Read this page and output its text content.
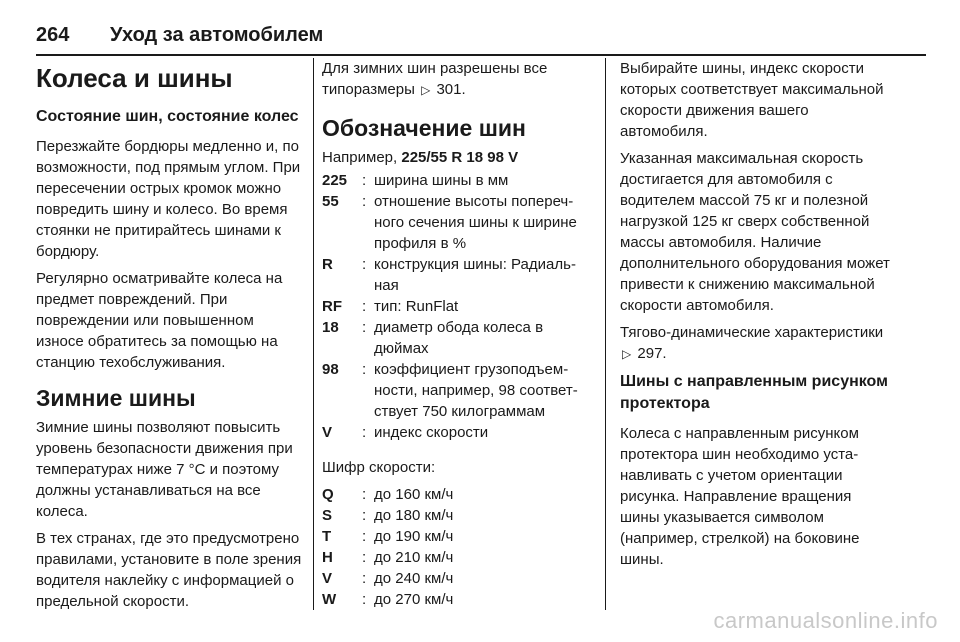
264	Уход за автомобилем
Колеса и шины
Состояние шин, состояние колес

Перезжайте бордюры медленно и, по возможности, под прямым углом. При пересечении острых кромок можно повредить шину и колесо. Во время стоянки не притирайтесь шинами к бордюру.

Регулярно осматривайте колеса на предмет повреждений. При повреждении или повышенном износе обратитесь за помощью на станцию техобслуживания.

Зимние шины

Зимние шины позволяют повысить уровень безопасности движения при температурах ниже 7 °C и поэтому должны устанавливаться на все колеса.

В тех странах, где это предусмотрено правилами, установите в поле зрения водителя наклейку с информацией о предельной скорости.

Для зимних шин разрешены все типоразмеры ▷ 301.

Обозначение шин

Например, 225/55 R 18 98 V

225 : ширина шины в мм
55	: отношение высоты поперечного сечения шины к ширине профиля в %
R	: конструкция шины: Радиальная
RF	: тип: RunFlat
18	: диаметр обода колеса в дюймах
98	: коэффициент грузоподъемности, например, 98 соответствует 750 килограммам
V	: индекс скорости

Шифр скорости:

Q	: до 160 км/ч
S	: до 180 км/ч
T	: до 190 км/ч
H	: до 210 км/ч
V	: до 240 км/ч
W	: до 270 км/ч

Выбирайте шины, индекс скорости которых соответствует максимальной скорости движения вашего автомобиля.

Указанная максимальная скорость достигается для автомобиля с водителем массой 75 кг и полезной нагрузкой 125 кг сверх собственной массы автомобиля. Наличие дополнительного оборудования может привести к снижению максимальной скорости автомобиля.

Тягово-динамические характеристики ▷ 297.

Шины с направленным рисунком протектора

Колеса с направленным рисунком протектора шин необходимо устанавливать с учетом ориентации рисунка. Направление вращения шины указывается символом (например, стрелкой) на боковине шины.

carmanualsonline.info
